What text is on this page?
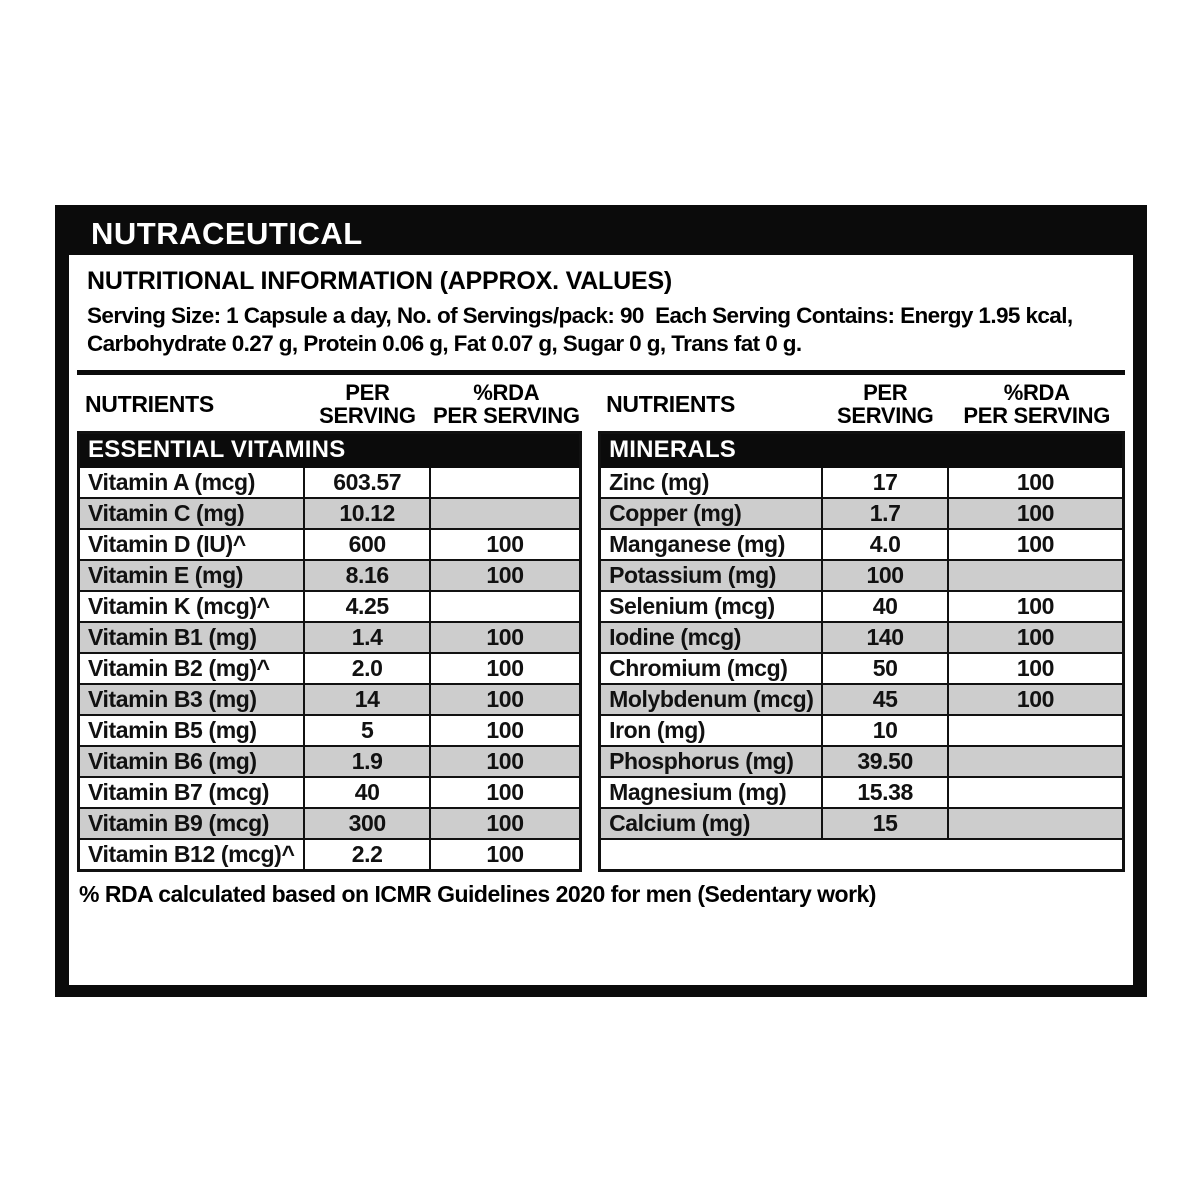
NUTRACEUTICAL
NUTRITIONAL INFORMATION (APPROX. VALUES)
Serving Size: 1 Capsule a day, No. of Servings/pack: 90  Each Serving Contains: Energy 1.95 kcal,
Carbohydrate 0.27 g, Protein 0.06 g, Fat 0.07 g, Sugar 0 g, Trans fat 0 g.
NUTRIENTS	PER
SERVING
%RDA
PER SERVING
ESSENTIAL VITAMINS		
Vitamin A (mcg)	603.57	
Vitamin C (mg)	10.12	
Vitamin D (IU)^	600	100
Vitamin E (mg)	8.16	100
Vitamin K (mcg)^	4.25	
Vitamin B1 (mg)	1.4	100
Vitamin B2 (mg)^	2.0	100
Vitamin B3 (mg)	14	100
Vitamin B5 (mg)	5	100
Vitamin B6 (mg)	1.9	100
Vitamin B7 (mcg)	40	100
Vitamin B9 (mcg)	300	100
Vitamin B12 (mcg)^	2.2	100
NUTRIENTS	PER
SERVING
%RDA
PER SERVING
MINERALS		
Zinc (mg)	17	100
Copper (mg)	1.7	100
Manganese (mg)	4.0	100
Potassium (mg)	100	
Selenium (mcg)	40	100
Iodine (mcg)	140	100
Chromium (mcg)	50	100
Molybdenum (mcg)	45	100
Iron (mg)	10	
Phosphorus (mg)	39.50	
Magnesium (mg)	15.38	
Calcium (mg)	15	

% RDA calculated based on ICMR Guidelines 2020 for men (Sedentary work)
